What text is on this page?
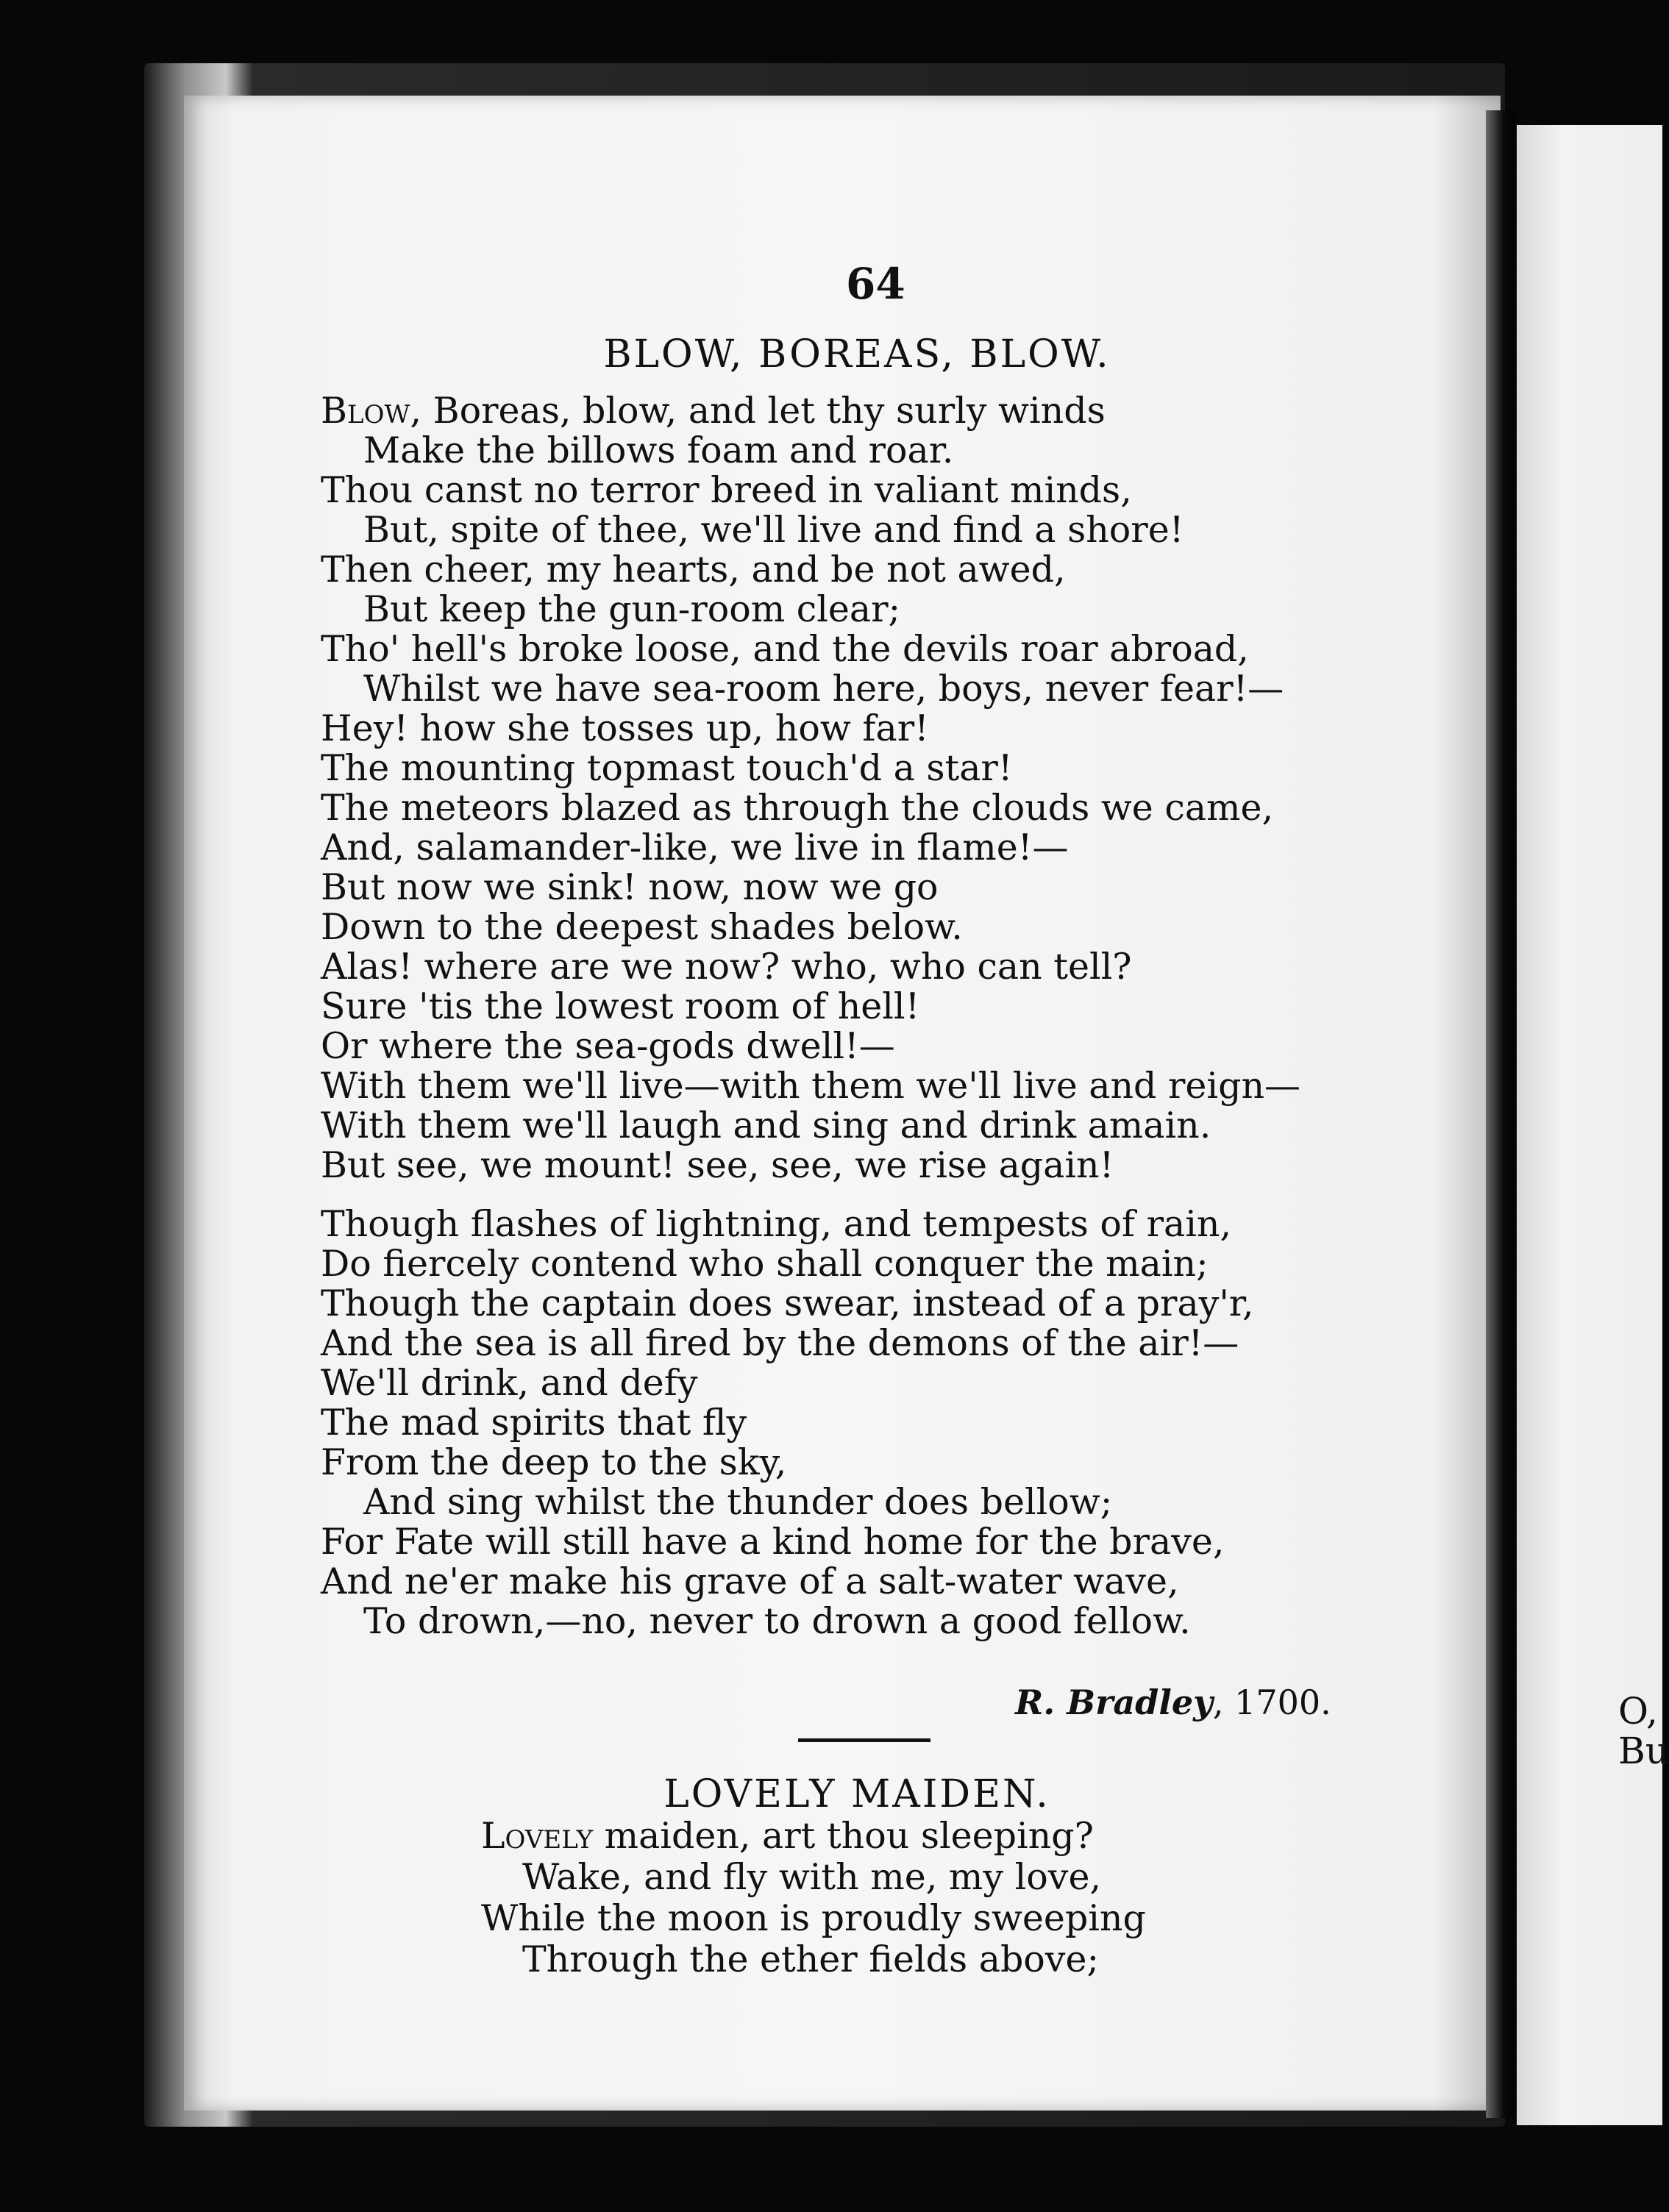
O,
Bu
64
BLOW, BOREAS, BLOW.
Blow, Boreas, blow, and let thy surly winds
Make the billows foam and roar.
Thou canst no terror breed in valiant minds,
But, spite of thee, we'll live and find a shore!
Then cheer, my hearts, and be not awed,
But keep the gun-room clear;
Tho' hell's broke loose, and the devils roar abroad,
Whilst we have sea-room here, boys, never fear!—
Hey! how she tosses up, how far!
The mounting topmast touch'd a star!
The meteors blazed as through the clouds we came,
And, salamander-like, we live in flame!—
But now we sink! now, now we go
Down to the deepest shades below.
Alas! where are we now? who, who can tell?
Sure 'tis the lowest room of hell!
Or where the sea-gods dwell!—
With them we'll live—with them we'll live and reign—
With them we'll laugh and sing and drink amain.
But see, we mount! see, see, we rise again!
Though flashes of lightning, and tempests of rain,
Do fiercely contend who shall conquer the main;
Though the captain does swear, instead of a pray'r,
And the sea is all fired by the demons of the air!—
We'll drink, and defy
The mad spirits that fly
From the deep to the sky,
And sing whilst the thunder does bellow;
For Fate will still have a kind home for the brave,
And ne'er make his grave of a salt-water wave,
To drown,—no, never to drown a good fellow.
R. Bradley, 1700.
LOVELY MAIDEN.
Lovely maiden, art thou sleeping?
Wake, and fly with me, my love,
While the moon is proudly sweeping
Through the ether fields above;
